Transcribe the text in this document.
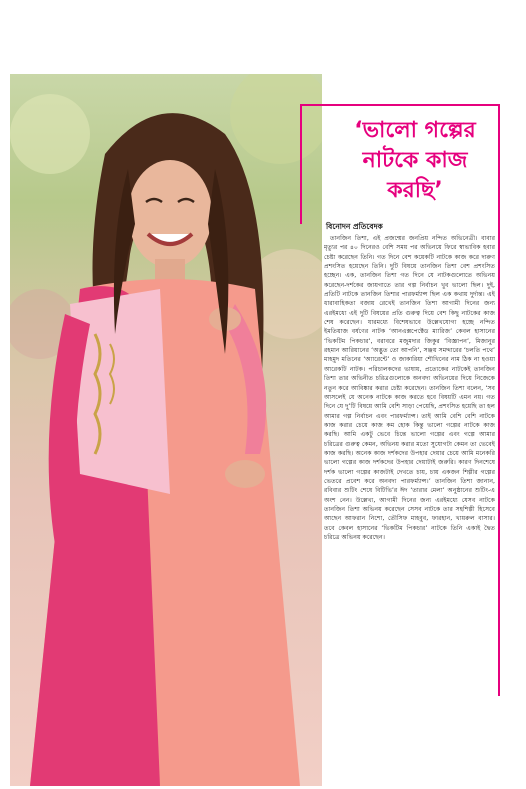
‘ভালো গল্পের
নাটকে কাজ
করছি’
বিনোদন প্রতিবেদক

তানজিন তিশা, এই প্রজন্মের জনপ্রিয় নন্দিত অভিনেত্রী। বাবার মৃত্যুর পর ৪০ দিনেরও বেশি সময় পর অভিনয়ে ফিরে স্বাভাবিক হবার চেষ্টা করেছেন তিনি। গত দিনে বেশ কয়েকটি নাটকে কাজ করে দারুণ প্রশংসিত হয়েছেন তিনি। দুটি বিষয়ে তানজিন তিশা বেশ প্রশংসিত হচ্ছেন। এক, তানজিন তিশা গত দিনে যে নাটকগুলোতে অভিনয় করেছেন-দর্শকের জায়গাতে তার গল্প নির্বাচন খুব ভালো ছিল। দুই, প্রতিটি নাটকে তানজিন তিশার পারফর্ম্যান্স ছিল এক কথায় দুর্দান্ত। এই ধারাবাহিকতা বজায় রেখেই তানজিন তিশা আগামী দিনের জন্য এরইমধ্যে এই দুটি বিষয়ের প্রতি গুরুত্ব দিয়ে বেশ কিছু নাটকের কাজ শেষ করেছেন। যারমধ্যে বিশেষভাবে উল্লেখযোগ্য হচ্ছে নন্দিত ইমতিয়াজ বর্ষণের নাটক ‘আনএক্সপেক্টেড ম্যারিজ’ কেবল হাসানের ‘ভিকটিম পিকচার’, বরাবরে মজুমদার জিকুর ‘বিজ্ঞাপন’, মিজানুর রহমান আরিয়ানের ‘অদ্ভুত তো আপনি’, সঞ্জয় সমদ্দারের ‘চলতি পথে’ মাহমুদ মতিনের ‘অ্যারেন্টে’ ও জাকারিয়া শৌখিনের নাম ঠিক না হওয়া আরেকটি নাটক। পরিচালকদের ভাষায়, প্রত্যেকের নাটকেই তানজিন তিশা তার অভিনীত চরিত্রগুলোকে অনবদ্য অভিনয়ের দিয়ে নিজেকে নতুন করে আবিষ্কার করার চেষ্টা করেছেন। তানজিন তিশা বলেন, ‘সব আসলেই যে অনেক নাটকে কাজ করতে হবে বিষয়টি এমন নয়। গত দিনে যে দু’টি বিষয়ে আমি বেশি সাড়া পেয়েছি, প্রশংসিত হয়েছি তা হল আমার গল্প নির্বাচন এবং পারফর্ম্যান্স। তাই আমি বেশি বেশি নাটকে কাজ করার চেয়ে কাজ কম হোক কিন্তু ভালো গল্পের নাটকে কাজ করছি। আমি একটু ভেবে চিন্তে ভালো গল্পের এবং গল্পে আমার চরিত্রের গুরুত্ব কেমন, অভিনয় করার মতো সুযোগটা কেমন তা ভেবেই কাজ করছি। অনেক কাজ দর্শকদের উপহার দেয়ার চেয়ে আমি মনেকরি ভালো গল্পের কাজ দর্শকদের উপহার দেয়াটাই জরুরি। কারণ দিনশেষে দর্শক ভালো গল্পের কাজটাই দেখতে চায়, চায় একজন শিল্পীর গল্পের ভেতরে প্রবেশ করে অনবদ্য পারফর্ম্যান্স।’ তানজিন তিশা জানান, রবিবার শুটিং শেষে বিটিভি’র ঈদ ‘তারার মেলা’ অনুষ্ঠানের শুটিং-এ অংশ নেন। উল্লেখ্য, আগামী দিনের জন্য এরইমধ্যে যেসব নাটকে তানজিন তিশা অভিনয় করেছেন সেসব নাটকে তার সহশিল্পী হিসেবে আছেন আফরান নিশো, তৌসিফ মাহবুব, ফারহান, খায়রুল বাসার। তবে কেবল হাসানের ‘ভিকটিম পিকচার’ নাটকে তিনি একাই দ্বৈত চরিত্রে অভিনয় করেছেন।
